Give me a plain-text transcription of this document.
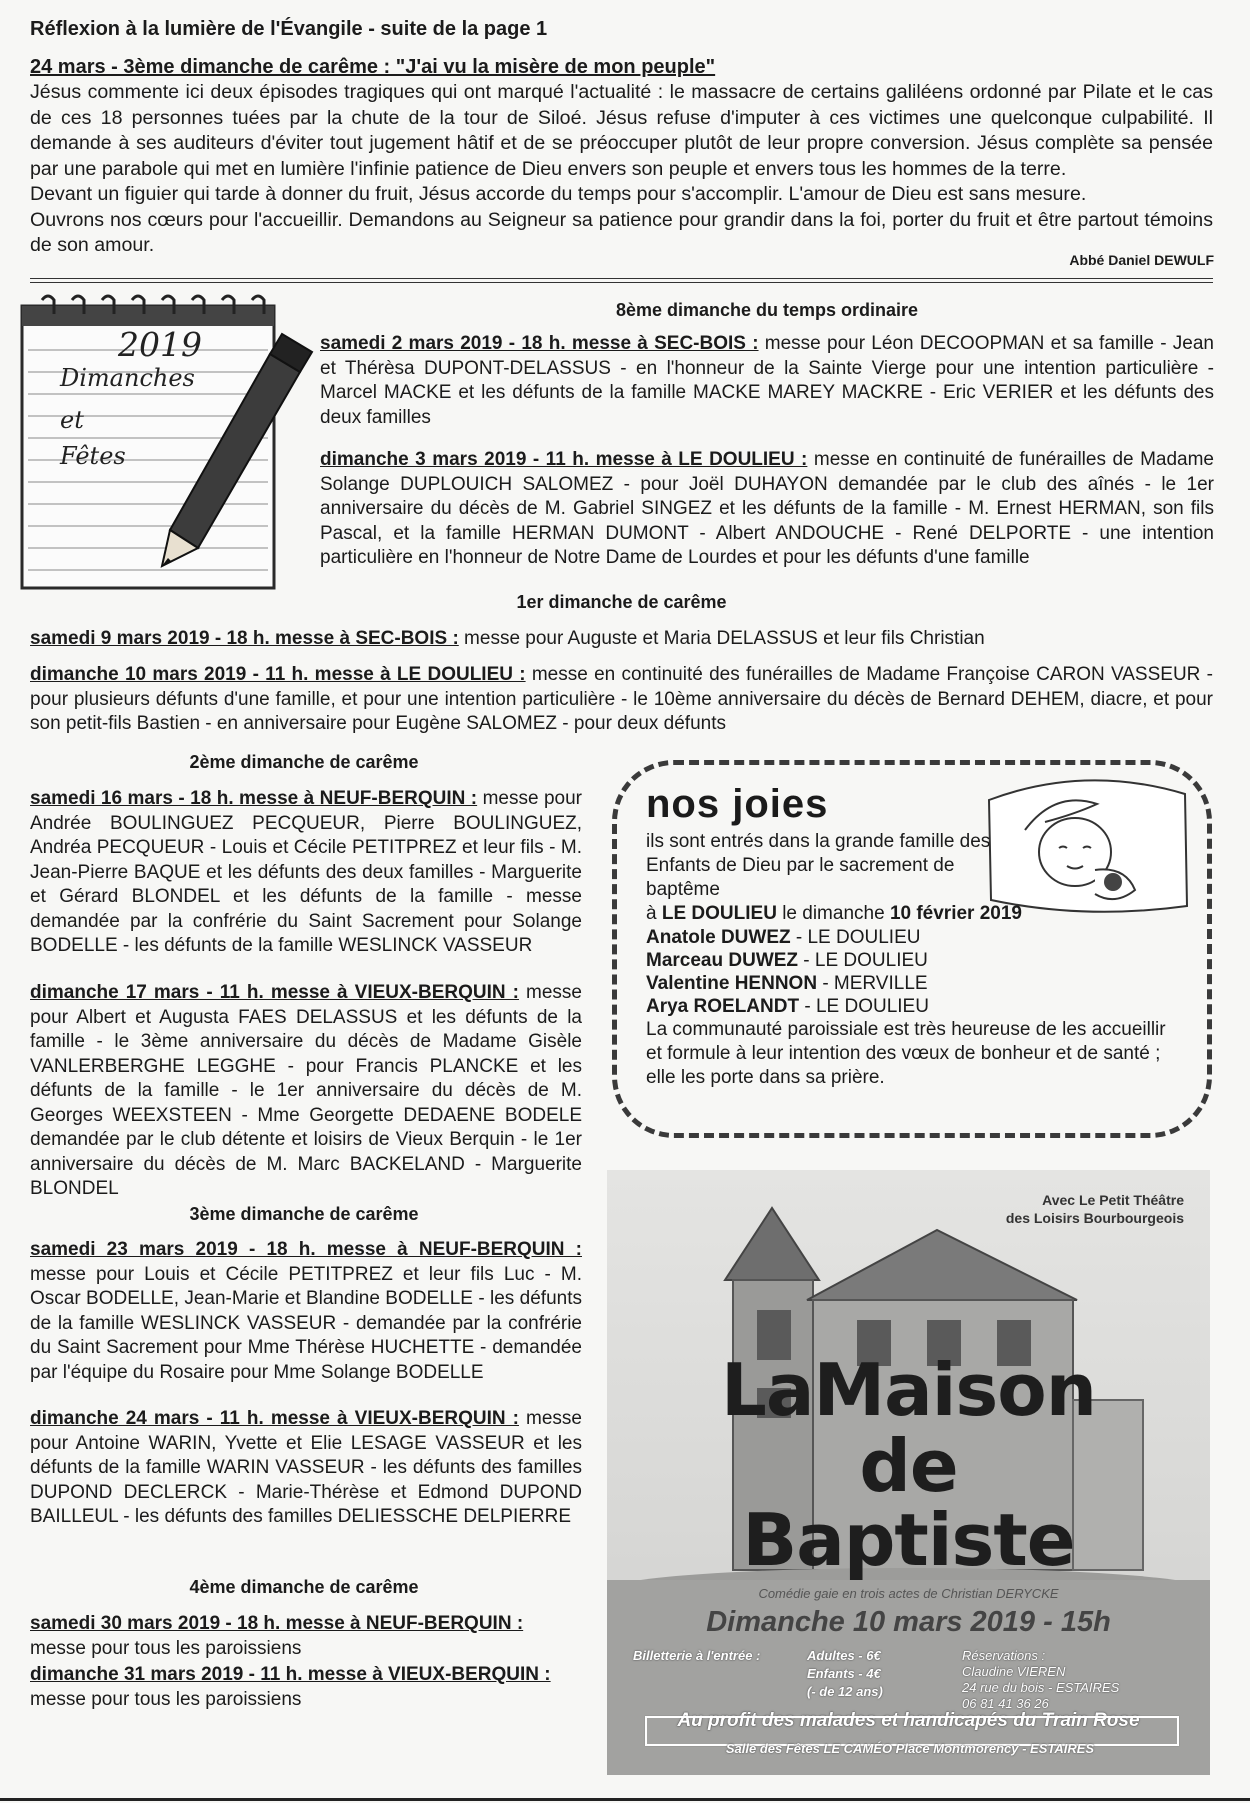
Réflexion à la lumière de l'Évangile - suite de la page 1
24 mars - 3ème dimanche de carême : "J'ai vu la misère de mon peuple"

Jésus commente ici deux épisodes tragiques qui ont marqué l'actualité : le massacre de certains galiléens ordonné par Pilate et le cas de ces 18 personnes tuées par la chute de la tour de Siloé. Jésus refuse d'imputer à ces victimes une quelconque culpabilité. Il demande à ses auditeurs d'éviter tout jugement hâtif et de se préoccuper plutôt de leur propre conversion. Jésus complète sa pensée par une parabole qui met en lumière l'infinie patience de Dieu envers son peuple et envers tous les hommes de la terre.

Devant un figuier qui tarde à donner du fruit, Jésus accorde du temps pour s'accomplir. L'amour de Dieu est sans mesure.

Ouvrons nos cœurs pour l'accueillir. Demandons au Seigneur sa patience pour grandir dans la foi, porter du fruit et être partout témoins de son amour.

Abbé Daniel DEWULF
2019
Dimanches
et
Fêtes
8ème dimanche du temps ordinaire
samedi 2 mars 2019 - 18 h. messe à SEC-BOIS : messe pour Léon DECOOPMAN et sa famille - Jean et Thérèsa DUPONT-DELASSUS - en l'honneur de la Sainte Vierge pour une intention particulière - Marcel MACKE et les défunts de la famille MACKE MAREY MACKRE - Eric VERIER et les défunts des deux familles
dimanche 3 mars 2019 - 11 h. messe à LE DOULIEU : messe en continuité de funérailles de Madame Solange DUPLOUICH SALOMEZ - pour Joël DUHAYON demandée par le club des aînés - le 1er anniversaire du décès de M. Gabriel SINGEZ et les défunts de la famille - M. Ernest HERMAN, son fils Pascal, et la famille HERMAN DUMONT - Albert ANDOUCHE - René DELPORTE - une intention particulière en l'honneur de Notre Dame de Lourdes et pour les défunts d'une famille
1er dimanche de carême
samedi 9 mars 2019 - 18 h. messe à SEC-BOIS : messe pour Auguste et Maria DELASSUS et leur fils Christian
dimanche 10 mars 2019 - 11 h. messe à LE DOULIEU : messe en continuité des funérailles de Madame Françoise CARON VASSEUR - pour plusieurs défunts d'une famille, et pour une intention particulière - le 10ème anniversaire du décès de Bernard DEHEM, diacre, et pour son petit-fils Bastien - en anniversaire pour Eugène SALOMEZ - pour deux défunts
2ème dimanche de carême
samedi 16 mars - 18 h. messe à NEUF-BERQUIN : messe pour Andrée BOULINGUEZ PECQUEUR, Pierre BOULINGUEZ, Andréa PECQUEUR - Louis et Cécile PETITPREZ et leur fils - M. Jean-Pierre BAQUE et les défunts des deux familles - Marguerite et Gérard BLONDEL et les défunts de la famille - messe demandée par la confrérie du Saint Sacrement pour Solange BODELLE - les défunts de la famille WESLINCK VASSEUR
dimanche 17 mars - 11 h. messe à VIEUX-BERQUIN : messe pour Albert et Augusta FAES DELASSUS et les défunts de la famille - le 3ème anniversaire du décès de Madame Gisèle VANLERBERGHE LEGGHE - pour Francis PLANCKE et les défunts de la famille - le 1er anniversaire du décès de M. Georges WEEXSTEEN - Mme Georgette DEDAENE BODELE demandée par le club détente et loisirs de Vieux Berquin - le 1er anniversaire du décès de M. Marc BACKELAND - Marguerite BLONDEL
3ème dimanche de carême
samedi 23 mars 2019 - 18 h. messe à NEUF-BERQUIN : messe pour Louis et Cécile PETITPREZ et leur fils Luc - M. Oscar BODELLE, Jean-Marie et Blandine BODELLE - les défunts de la famille WESLINCK VASSEUR - demandée par la confrérie du Saint Sacrement pour Mme Thérèse HUCHETTE - demandée par l'équipe du Rosaire pour Mme Solange BODELLE
dimanche 24 mars - 11 h. messe à VIEUX-BERQUIN : messe pour Antoine WARIN, Yvette et Elie LESAGE VASSEUR et les défunts de la famille WARIN VASSEUR - les défunts des familles DUPOND DECLERCK - Marie-Thérèse et Edmond DUPOND BAILLEUL - les défunts des familles DELIESSCHE DELPIERRE
4ème dimanche de carême
samedi 30 mars 2019 - 18 h. messe à NEUF-BERQUIN :
messe pour tous les paroissiens
dimanche 31 mars 2019 - 11 h. messe à VIEUX-BERQUIN :
messe pour tous les paroissiens
nos joies
ils sont entrés dans la grande famille des Enfants de Dieu par le sacrement de baptême
à LE DOULIEU le dimanche 10 février 2019
Anatole DUWEZ - LE DOULIEU
Marceau DUWEZ - LE DOULIEU
Valentine HENNON - MERVILLE
Arya ROELANDT - LE DOULIEU
La communauté paroissiale est très heureuse de les accueillir et formule à leur intention des vœux de bonheur et de santé ; elle les porte dans sa prière.
Avec Le Petit Théâtre
des Loisirs Bourbourgeois
LaMaison
de
Baptiste
Comédie gaie en trois actes de Christian DERYCKE
Dimanche 10 mars 2019 - 15h
Billetterie à l'entrée :	Adultes - 6€
Enfants - 4€
(- de 12 ans)
Réservations :
Claudine VIEREN
24 rue du bois - ESTAIRES
06 81 41 36 26
Au profit des malades et handicapés du Train Rose
Salle des Fêtes LE CAMÉO Place Montmorency - ESTAIRES
